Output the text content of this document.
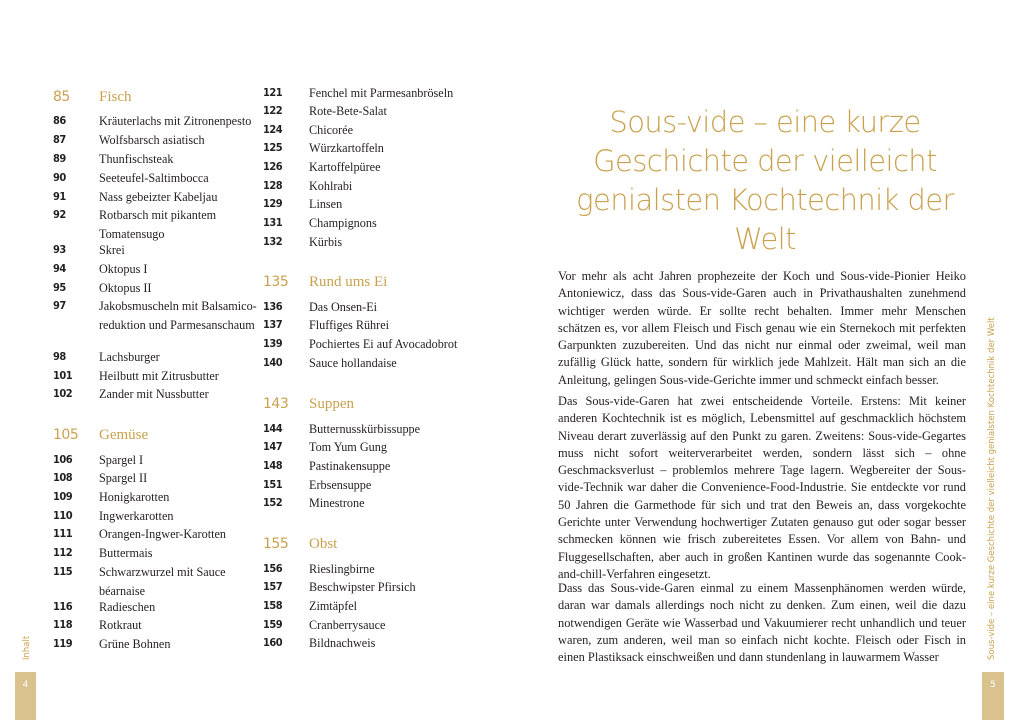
85	Fisch
86	Kräuterlachs mit Zitronenpesto
87	Wolfsbarsch asiatisch
89	Thunfischsteak
90	Seeteufel-Saltimbocca
91	Nass gebeizter Kabeljau
92	Rotbarsch mit pikantem Tomatensugo
93	Skrei
94	Oktopus I
95	Oktopus II
97	Jakobsmuscheln mit Balsamico-reduktion und Parmesanschaum
98	Lachsburger
101	Heilbutt mit Zitrusbutter
102	Zander mit Nussbutter
105	Gemüse
106	Spargel I
108	Spargel II
109	Honigkarotten
110	Ingwerkarotten
111	Orangen-Ingwer-Karotten
112	Buttermais
115	Schwarzwurzel mit Sauce béarnaise
116	Radieschen
118	Rotkraut
119	Grüne Bohnen
121	Fenchel mit Parmesanbröseln
122	Rote-Bete-Salat
124	Chicorée
125	Würzkartoffeln
126	Kartoffelpüree
128	Kohlrabi
129	Linsen
131	Champignons
132	Kürbis
135	Rund ums Ei
136	Das Onsen-Ei
137	Fluffiges Rührei
139	Pochiertes Ei auf Avocadobrot
140	Sauce hollandaise
143	Suppen
144	Butternusskürbissuppe
147	Tom Yum Gung
148	Pastinakensuppe
151	Erbsensuppe
152	Minestrone
155	Obst
156	Rieslingbirne
157	Beschwipster Pfirsich
158	Zimtäpfel
159	Cranberrysauce
160	Bildnachweis
Sous-vide – eine kurze Geschichte der vielleicht genialsten Kochtechnik der Welt

Vor mehr als acht Jahren prophezeite der Koch und Sous-vide-Pionier Heiko Antoniewicz, dass das Sous-vide-Garen auch in Privathaushalten zunehmend wichtiger werden würde. Er sollte recht behalten. Immer mehr Menschen schätzen es, vor allem Fleisch und Fisch genau wie ein Sternekoch mit perfekten Garpunkten zuzubereiten. Und das nicht nur einmal oder zweimal, weil man zufällig Glück hatte, sondern für wirklich jede Mahlzeit. Hält man sich an die Anleitung, gelingen Sous-vide-Gerichte immer und schmeckt einfach besser.

Das Sous-vide-Garen hat zwei entscheidende Vorteile. Erstens: Mit keiner anderen Kochtechnik ist es möglich, Lebensmittel auf geschmacklich höchstem Niveau derart zuverlässig auf den Punkt zu garen. Zweitens: Sous-vide-Gegartes muss nicht sofort weiterverarbeitet werden, sondern lässt sich – ohne Geschmacksverlust – problemlos mehrere Tage lagern. Wegbereiter der Sous-vide-Technik war daher die Convenience-Food-Industrie. Sie entdeckte vor rund 50 Jahren die Garmethode für sich und trat den Beweis an, dass vorgekochte Gerichte unter Verwendung hochwertiger Zutaten genauso gut oder sogar besser schmecken können wie frisch zubereitetes Essen. Vor allem von Bahn- und Fluggesellschaften, aber auch in großen Kantinen wurde das sogenannte Cook-and-chill-Verfahren eingesetzt.

Dass das Sous-vide-Garen einmal zu einem Massenphänomen werden würde, daran war damals allerdings noch nicht zu denken. Zum einen, weil die dazu notwendigen Geräte wie Wasserbad und Vakuumierer recht unhandlich und teuer waren, zum anderen, weil man so einfach nicht kochte. Fleisch oder Fisch in einen Plastiksack einschweißen und dann stundenlang in lauwarmem Wasser

Inhalt	Sous-vide – eine kurze Geschichte der vielleicht genialsten Kochtechnik der Welt
4	5
